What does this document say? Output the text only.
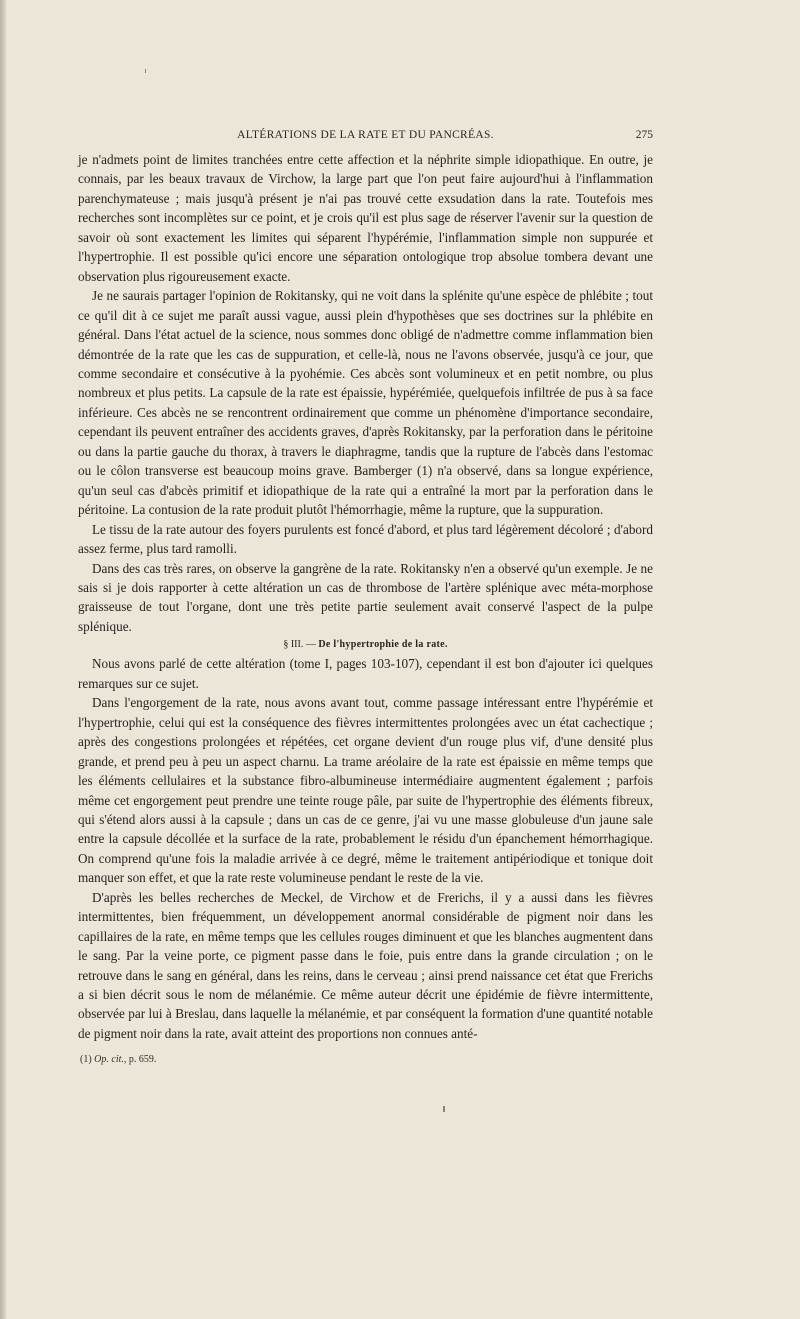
ALTÉRATIONS DE LA RATE ET DU PANCRÉAS.	275

je n'admets point de limites tranchées entre cette affection et la néphrite simple idiopathique. En outre, je connais, par les beaux travaux de Virchow, la large part que l'on peut faire aujourd'hui à l'inflammation parenchymateuse ; mais jusqu'à présent je n'ai pas trouvé cette exsudation dans la rate. Toutefois mes recherches sont incomplètes sur ce point, et je crois qu'il est plus sage de réserver l'avenir sur la question de savoir où sont exactement les limites qui séparent l'hypérémie, l'inflammation simple non suppurée et l'hypertrophie. Il est possible qu'ici encore une séparation ontologique trop absolue tombera devant une observation plus rigoureusement exacte.

Je ne saurais partager l'opinion de Rokitansky, qui ne voit dans la splénite qu'une espèce de phlébite ; tout ce qu'il dit à ce sujet me paraît aussi vague, aussi plein d'hypothèses que ses doctrines sur la phlébite en général. Dans l'état actuel de la science, nous sommes donc obligé de n'admettre comme inflammation bien démontrée de la rate que les cas de suppuration, et celle-là, nous ne l'avons observée, jusqu'à ce jour, que comme secondaire et consécutive à la pyohémie. Ces abcès sont volumineux et en petit nombre, ou plus nombreux et plus petits. La capsule de la rate est épaissie, hypérémiée, quelquefois infiltrée de pus à sa face inférieure. Ces abcès ne se rencontrent ordinairement que comme un phénomène d'importance secondaire, cependant ils peuvent entraîner des accidents graves, d'après Rokitansky, par la perforation dans le péritoine ou dans la partie gauche du thorax, à travers le diaphragme, tandis que la rupture de l'abcès dans l'estomac ou le côlon transverse est beaucoup moins grave. Bamberger (1) n'a observé, dans sa longue expérience, qu'un seul cas d'abcès primitif et idiopathique de la rate qui a entraîné la mort par la perforation dans le péritoine. La contusion de la rate produit plutôt l'hémorrhagie, même la rupture, que la suppuration.

Le tissu de la rate autour des foyers purulents est foncé d'abord, et plus tard légèrement décoloré ; d'abord assez ferme, plus tard ramolli.

Dans des cas très rares, on observe la gangrène de la rate. Rokitansky n'en a observé qu'un exemple. Je ne sais si je dois rapporter à cette altération un cas de thrombose de l'artère splénique avec méta-morphose graisseuse de tout l'organe, dont une très petite partie seulement avait conservé l'aspect de la pulpe splénique.

§ III. — De l'hypertrophie de la rate.

Nous avons parlé de cette altération (tome I, pages 103-107), cependant il est bon d'ajouter ici quelques remarques sur ce sujet.

Dans l'engorgement de la rate, nous avons avant tout, comme passage intéressant entre l'hypérémie et l'hypertrophie, celui qui est la conséquence des fièvres intermittentes prolongées avec un état cachectique ; après des congestions prolongées et répétées, cet organe devient d'un rouge plus vif, d'une densité plus grande, et prend peu à peu un aspect charnu. La trame aréolaire de la rate est épaissie en même temps que les éléments cellulaires et la substance fibro-albumineuse intermédiaire augmentent également ; parfois même cet engorgement peut prendre une teinte rouge pâle, par suite de l'hypertrophie des éléments fibreux, qui s'étend alors aussi à la capsule ; dans un cas de ce genre, j'ai vu une masse globuleuse d'un jaune sale entre la capsule décollée et la surface de la rate, probablement le résidu d'un épanchement hémorrhagique. On comprend qu'une fois la maladie arrivée à ce degré, même le traitement antipériodique et tonique doit manquer son effet, et que la rate reste volumineuse pendant le reste de la vie.

D'après les belles recherches de Meckel, de Virchow et de Frerichs, il y a aussi dans les fièvres intermittentes, bien fréquemment, un développement anormal considérable de pigment noir dans les capillaires de la rate, en même temps que les cellules rouges diminuent et que les blanches augmentent dans le sang. Par la veine porte, ce pigment passe dans le foie, puis entre dans la grande circulation ; on le retrouve dans le sang en général, dans les reins, dans le cerveau ; ainsi prend naissance cet état que Frerichs a si bien décrit sous le nom de mélanémie. Ce même auteur décrit une épidémie de fièvre intermittente, observée par lui à Breslau, dans laquelle la mélanémie, et par conséquent la formation d'une quantité notable de pigment noir dans la rate, avait atteint des proportions non connues anté-

(1) Op. cit., p. 659.
